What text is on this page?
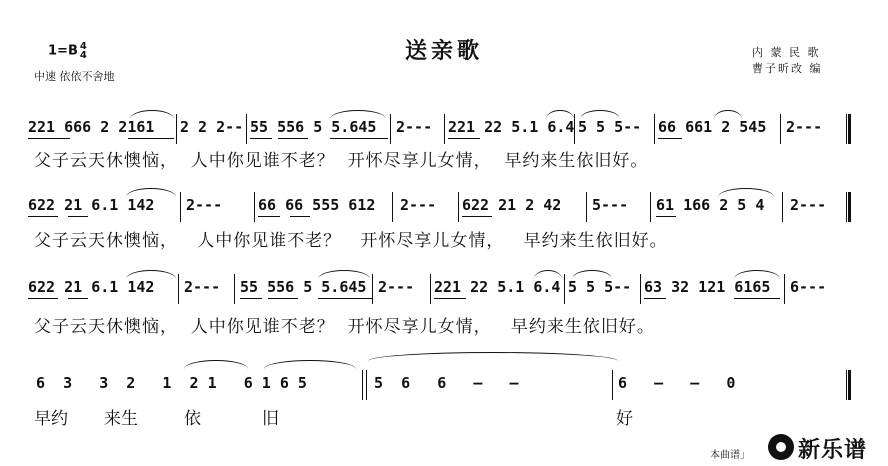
送亲歌
1=B 4
4
中速 依依不舍地
内 蒙 民 歌
曹子昕改 编
221 666 2 2161 2 2 2-- 55 556 5 5.645 2--- 221 22 5.1 6.4 5 5 5-- 66 661 2 545 2---
父子云天休懊恼，  人中你见谁不老？  开怀尽享儿女情，  早约来生依旧好。
622 21 6.1 142 2--- 66 66 555 612 2--- 622 21 2 42 5--- 61 166 2 5 4 2---
父子云天休懊恼，   人中你见谁不老？   开怀尽享儿女情，   早约来生依旧好。
622 21 6.1 142 2--- 55 556 5 5.645 2--- 221 22 5.1 6.4 5 5 5-- 63 32 121 6165 6---
父子云天休懊恼，  人中你见谁不老？  开怀尽享儿女情，   早约来生依旧好。
6  3   3  2   1  2 1   6 1 6 5	5  6   6   –   –	6   –   –   0
早约 来生	依	旧	好
本曲谱」 新乐谱
